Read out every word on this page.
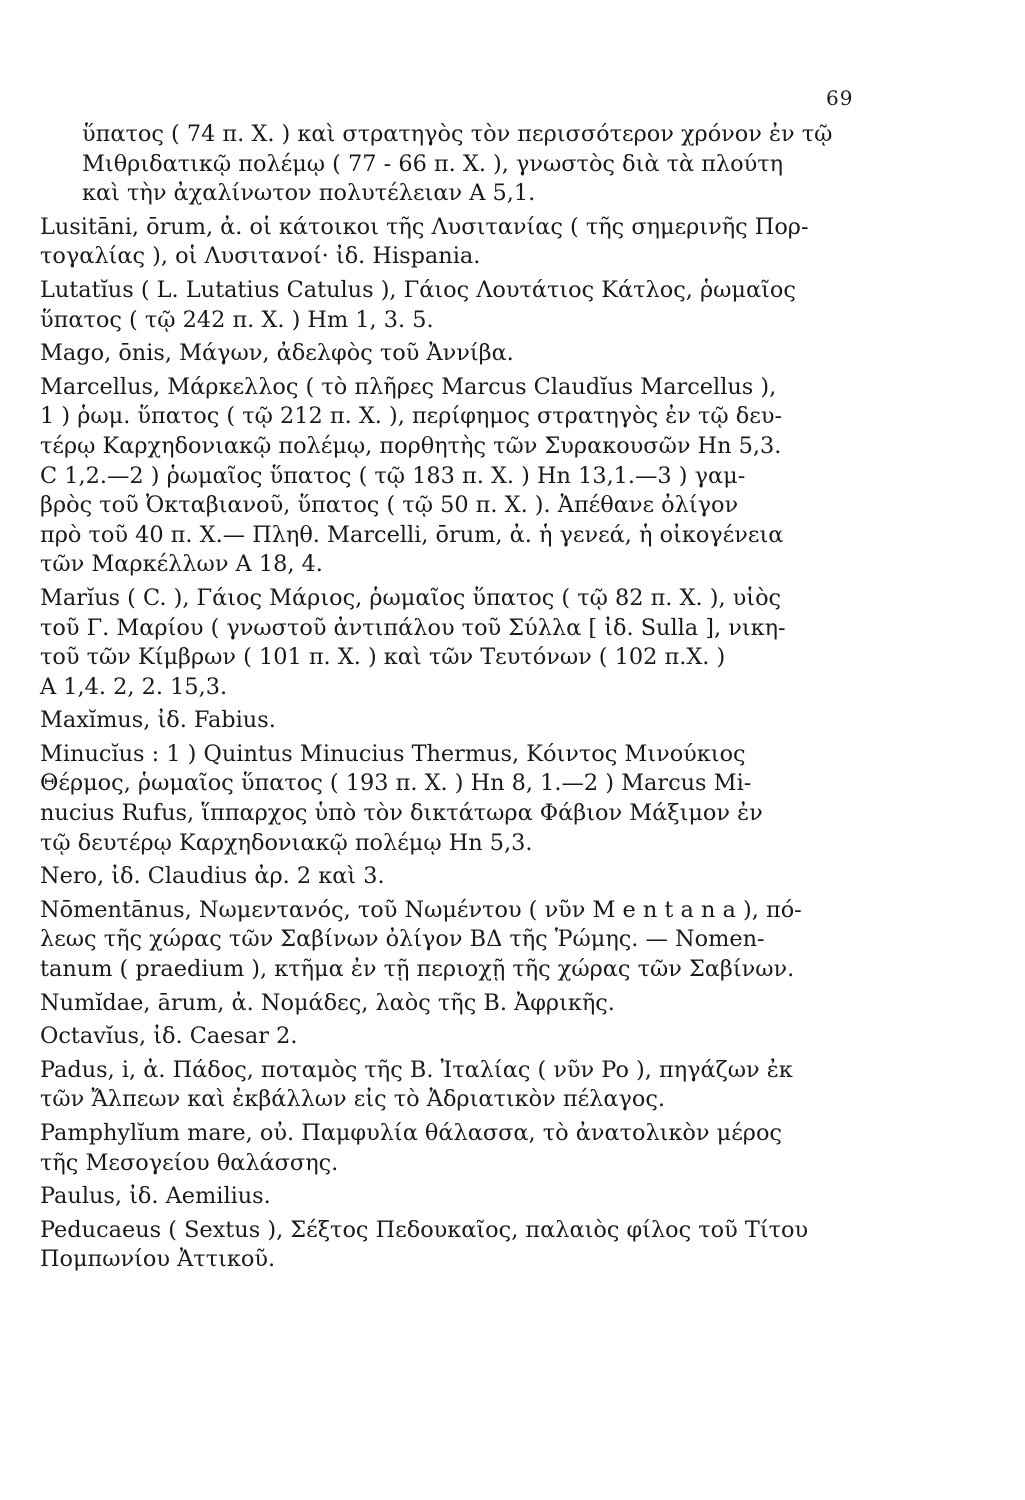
69
ὕπατος ( 74 π. Χ. ) καὶ στρατηγὸς τὸν περισσότερον χρόνον ἐν τῷ
Μιθριδατικῷ πολέμῳ ( 77 - 66 π. Χ. ), γνωστὸς διὰ τὰ πλούτη
καὶ τὴν ἀχαλίνωτον πολυτέλειαν Α 5,1.
Lusitāni, ōrum, ἀ. οἱ κάτοικοι τῆς Λυσιτανίας ( τῆς σημερινῆς Πορ-
τογαλίας ), οἱ Λυσιτανοί· ἰδ. Hispania.
Lutatĭus ( L. Lutatius Catulus ), Γάιος Λουτάτιος Κάτλος, ῥωμαῖος
ὕπατος ( τῷ 242 π. Χ. ) Hm 1, 3. 5.
Mago, ōnis, Μάγων, ἀδελφὸς τοῦ Ἀννίβα.
Marcellus, Μάρκελλος ( τὸ πλῆρες Marcus Claudĭus Marcellus ),
1 ) ῥωμ. ὕπατος ( τῷ 212 π. Χ. ), περίφημος στρατηγὸς ἐν τῷ δευ-
τέρῳ Καρχηδονιακῷ πολέμῳ, πορθητὴς τῶν Συρακουσῶν Hn 5,3.
C 1,2.—2 ) ῥωμαῖος ὕπατος ( τῷ 183 π. Χ. ) Hn 13,1.—3 ) γαμ-
βρὸς τοῦ Ὀκταβιανοῦ, ὕπατος ( τῷ 50 π. Χ. ). Ἀπέθανε ὀλίγον
πρὸ τοῦ 40 π. Χ.— Πληθ. Marcelli, ōrum, ἀ. ἡ γενεά, ἡ οἰκογένεια
τῶν Μαρκέλλων Α 18, 4.
Marĭus ( C. ), Γάιος Μάριος, ῥωμαῖος ὕπατος ( τῷ 82 π. Χ. ), υἱὸς
τοῦ Γ. Μαρίου ( γνωστοῦ ἀντιπάλου τοῦ Σύλλα [ ἰδ. Sulla ], νικη-
τοῦ τῶν Κίμβρων ( 101 π. Χ. ) καὶ τῶν Τευτόνων ( 102 π.Χ. )
Α 1,4. 2, 2. 15,3.
Maxĭmus, ἰδ. Fabius.
Minucĭus : 1 ) Quintus Minucius Thermus, Κόιντος Μινούκιος
Θέρμος, ῥωμαῖος ὕπατος ( 193 π. Χ. ) Hn 8, 1.—2 ) Marcus Mi-
nucius Rufus, ἵππαρχος ὑπὸ τὸν δικτάτωρα Φάβιον Μάξιμον ἐν
τῷ δευτέρῳ Καρχηδονιακῷ πολέμῳ Hn 5,3.
Nero, ἰδ. Claudius ἀρ. 2 καὶ 3.
Nōmentānus, Νωμεντανός, τοῦ Νωμέντου ( νῦν M e n t a n a ), πό-
λεως τῆς χώρας τῶν Σαβίνων ὀλίγον ΒΔ τῆς Ῥώμης. — Nomen-
tanum ( praedium ), κτῆμα ἐν τῇ περιοχῇ τῆς χώρας τῶν Σαβίνων.
Numĭdae, ārum, ἀ. Νομάδες, λαὸς τῆς Β. Ἀφρικῆς.
Octavĭus, ἰδ. Caesar 2.
Padus, i, ἀ. Πάδος, ποταμὸς τῆς Β. Ἰταλίας ( νῦν Po ), πηγάζων ἐκ
τῶν Ἄλπεων καὶ ἐκβάλλων εἰς τὸ Ἀδριατικὸν πέλαγος.
Pamphylĭum mare, οὐ. Παμφυλία θάλασσα, τὸ ἀνατολικὸν μέρος
τῆς Μεσογείου θαλάσσης.
Paulus, ἰδ. Aemilius.
Peducaeus ( Sextus ), Σέξτος Πεδουκαῖος, παλαιὸς φίλος τοῦ Τίτου
Πομπωνίου Ἀττικοῦ.
